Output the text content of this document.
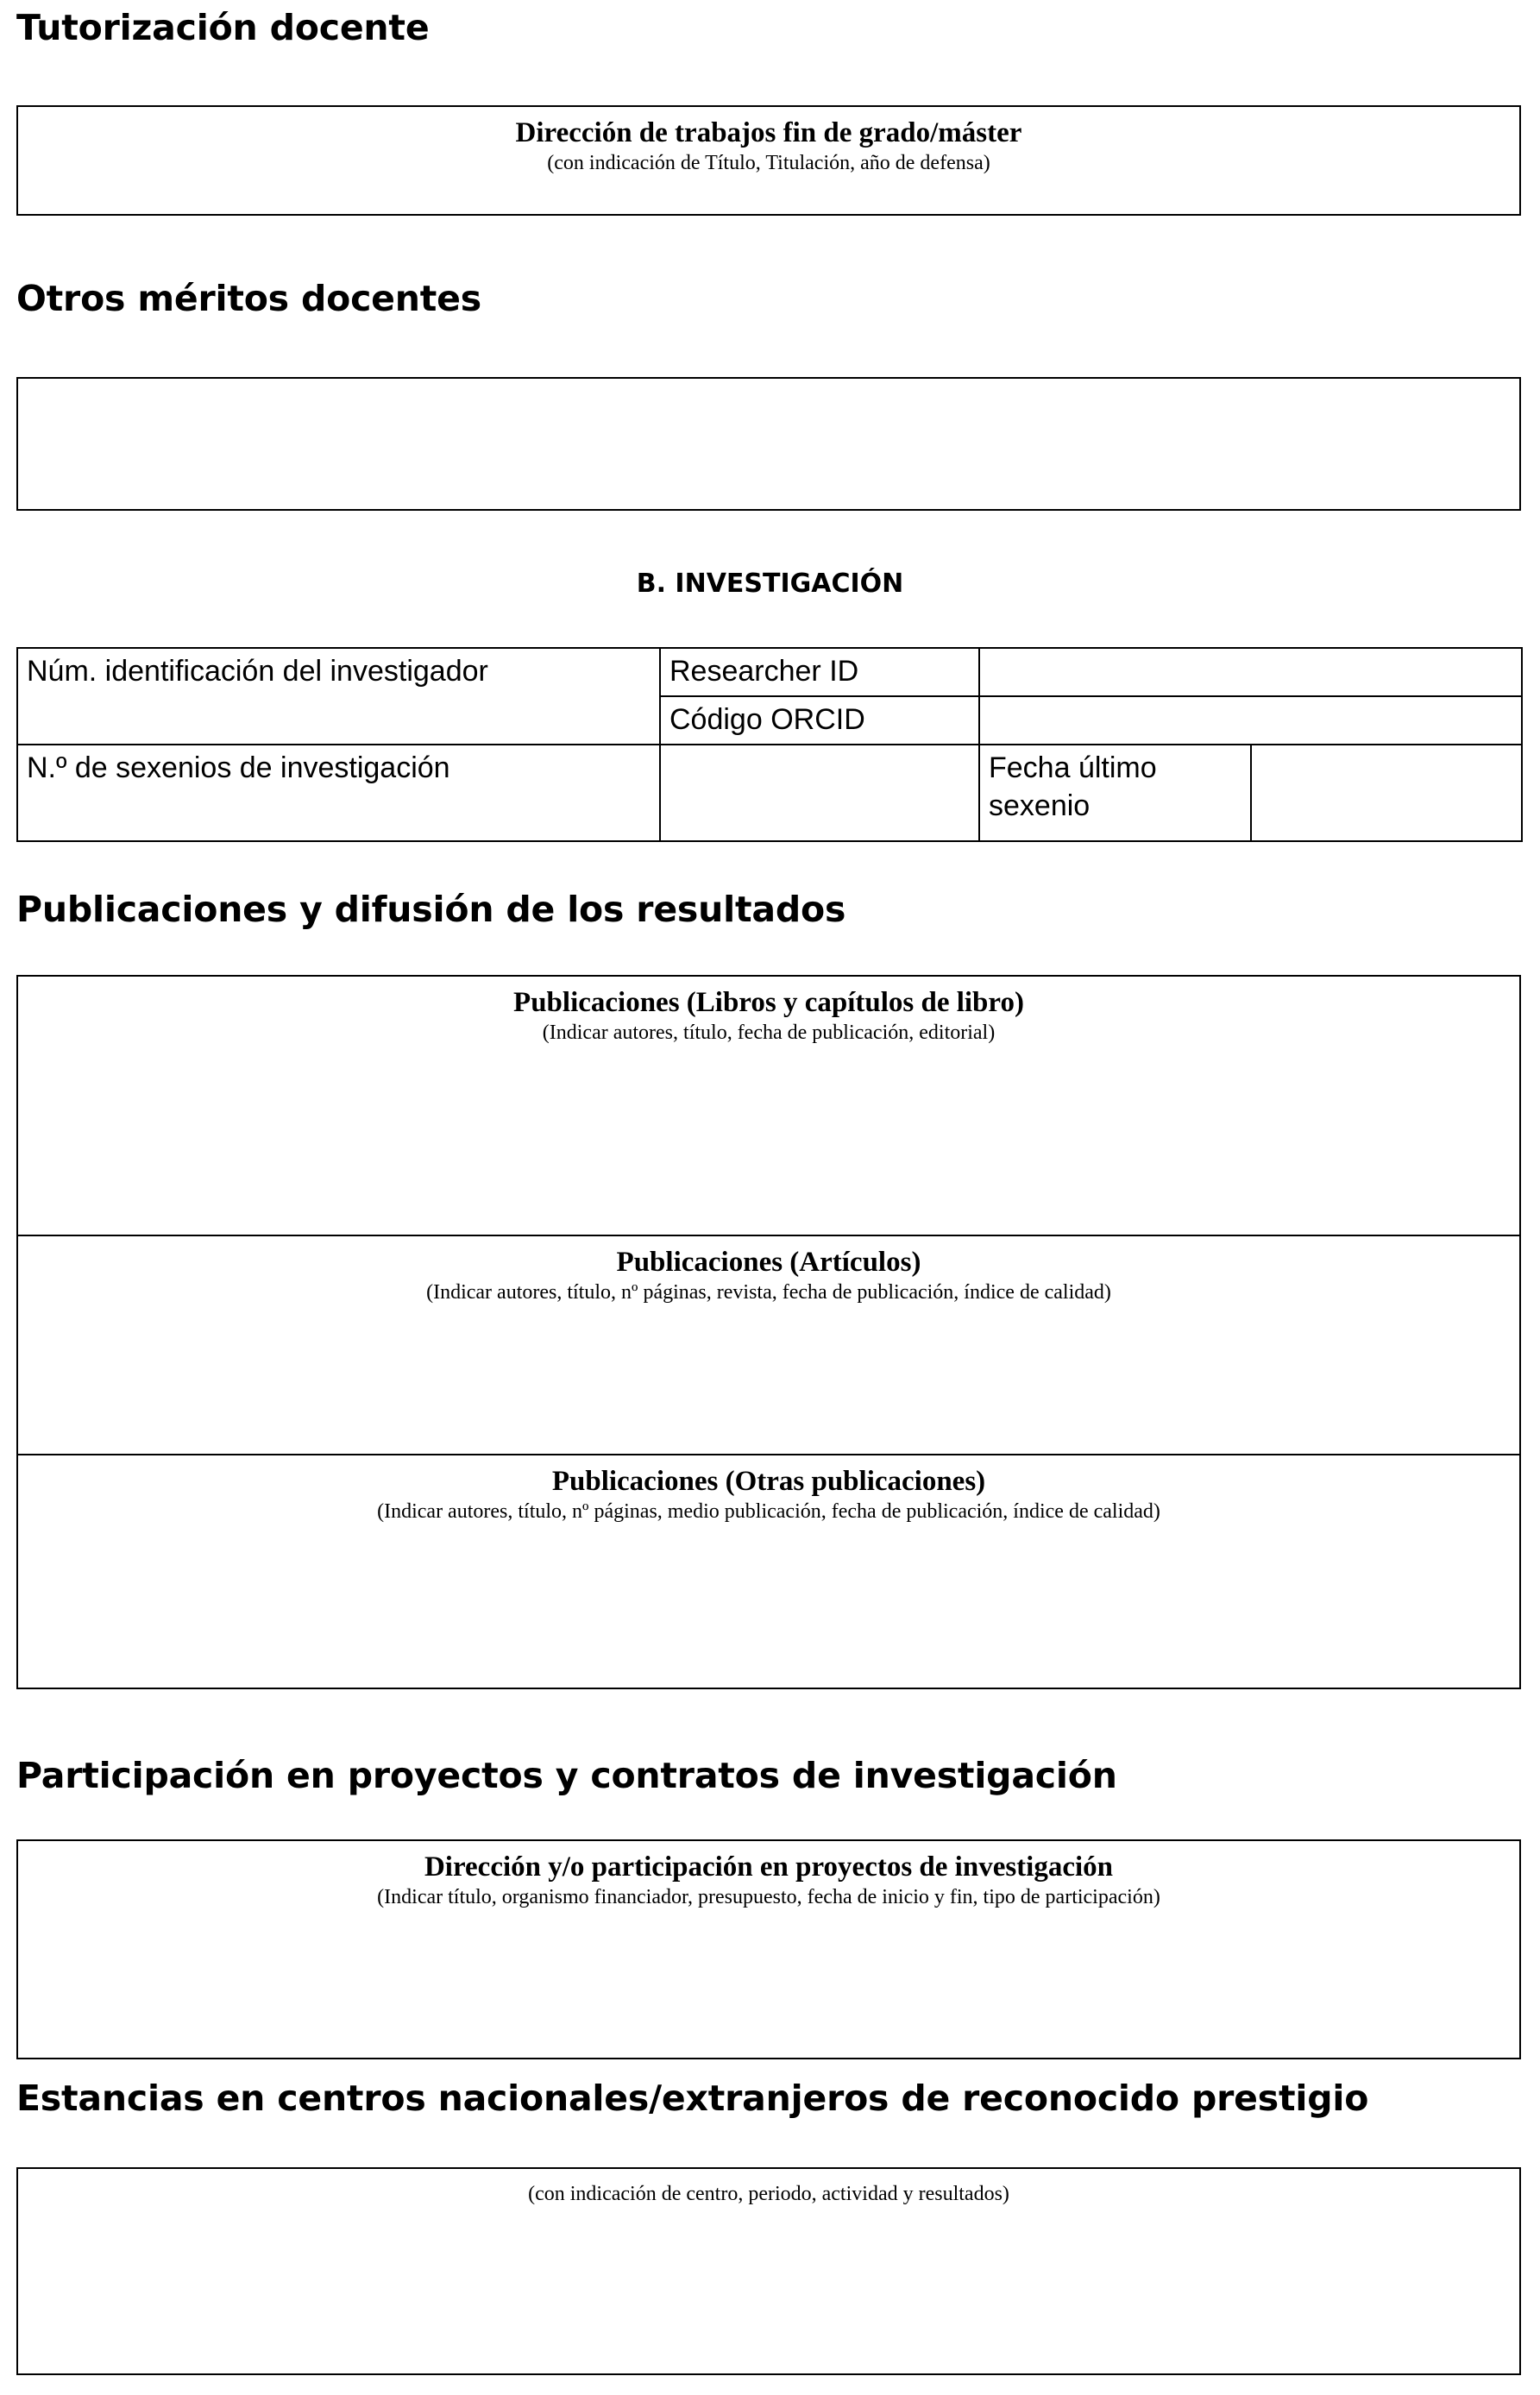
Tutorización docente
Dirección de trabajos fin de grado/máster
(con indicación de Título, Titulación, año de defensa)
Otros méritos docentes
B. INVESTIGACIÓN
Núm. identificación del investigador	Researcher ID		
	Código ORCID		
N.º de sexenios de investigación		Fecha último sexenio	
Publicaciones y difusión de los resultados
Publicaciones (Libros y capítulos de libro)
(Indicar autores, título, fecha de publicación, editorial)
Publicaciones (Artículos)
(Indicar autores, título, nº páginas, revista, fecha de publicación, índice de calidad)
Publicaciones (Otras publicaciones)
(Indicar autores, título, nº páginas, medio publicación, fecha de publicación, índice de calidad)
Participación en proyectos y contratos de investigación
Dirección y/o participación en proyectos de investigación
(Indicar título, organismo financiador, presupuesto, fecha de inicio y fin, tipo de participación)
Estancias en centros nacionales/extranjeros de reconocido prestigio
(con indicación de centro, periodo, actividad y resultados)
